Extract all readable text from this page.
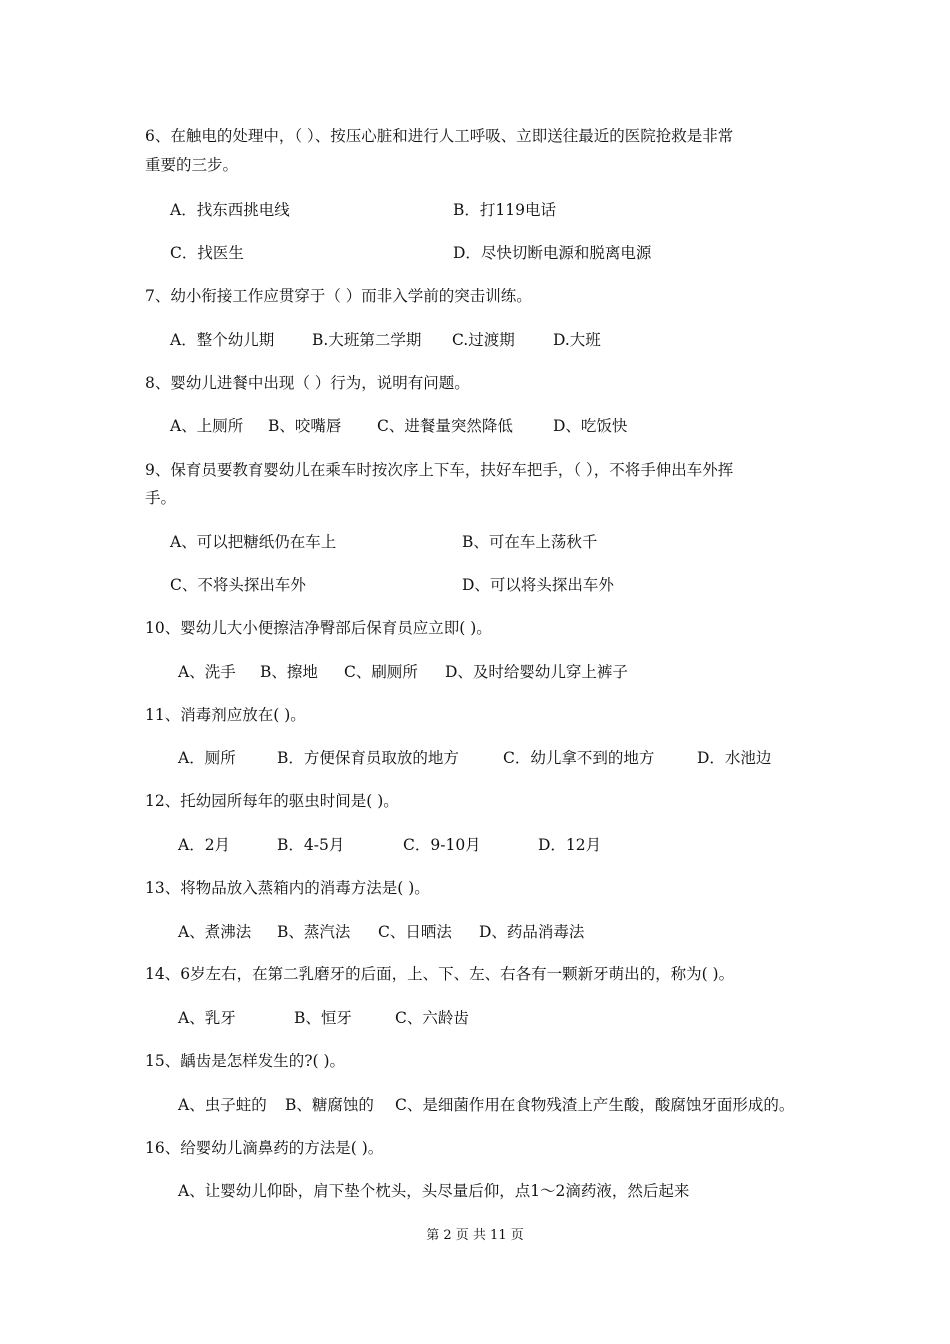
6、在触电的处理中，（ ）、按压心脏和进行人工呼吸、立即送往最近的医院抢救是非常
重要的三步。
A．找东西挑电线	B．打119电话
C．找医生	D．尽快切断电源和脱离电源
7、幼小衔接工作应贯穿于（ ）而非入学前的突击训练。
A．整个幼儿期 B.大班第二学期 C.过渡期 D.大班
8、婴幼儿进餐中出现（ ）行为，说明有问题。
A、上厕所 B、咬嘴唇 C、进餐量突然降低	D、吃饭快
9、保育员要教育婴幼儿在乘车时按次序上下车，扶好车把手，（ ），不将手伸出车外挥
手。
A、可以把糖纸仍在车上	B、可在车上荡秋千
C、不将头探出车外	D、可以将头探出车外
10、婴幼儿大小便擦洁净臀部后保育员应立即( )。
A、洗手 B、擦地 C、刷厕所 D、及时给婴幼儿穿上裤子
11、消毒剂应放在( )。
A．厕所	B．方便保育员取放的地方	C．幼儿拿不到的地方	D．水池边
12、托幼园所每年的驱虫时间是( )。
A．2月	B．4-5月	C．9-10月	D．12月
13、将物品放入蒸箱内的消毒方法是( )。
A、煮沸法 B、蒸汽法 C、日晒法 D、药品消毒法
14、6岁左右，在第二乳磨牙的后面，上、下、左、右各有一颗新牙萌出的，称为( )。
A、乳牙	B、恒牙	C、六龄齿
15、龋齿是怎样发生的?( )。
A、虫子蛀的 B、糖腐蚀的 C、是细菌作用在食物残渣上产生酸，酸腐蚀牙面形成的。
16、给婴幼儿滴鼻药的方法是( )。
A、让婴幼儿仰卧，肩下垫个枕头，头尽量后仰，点1～2滴药液，然后起来
第 2 页 共 11 页
